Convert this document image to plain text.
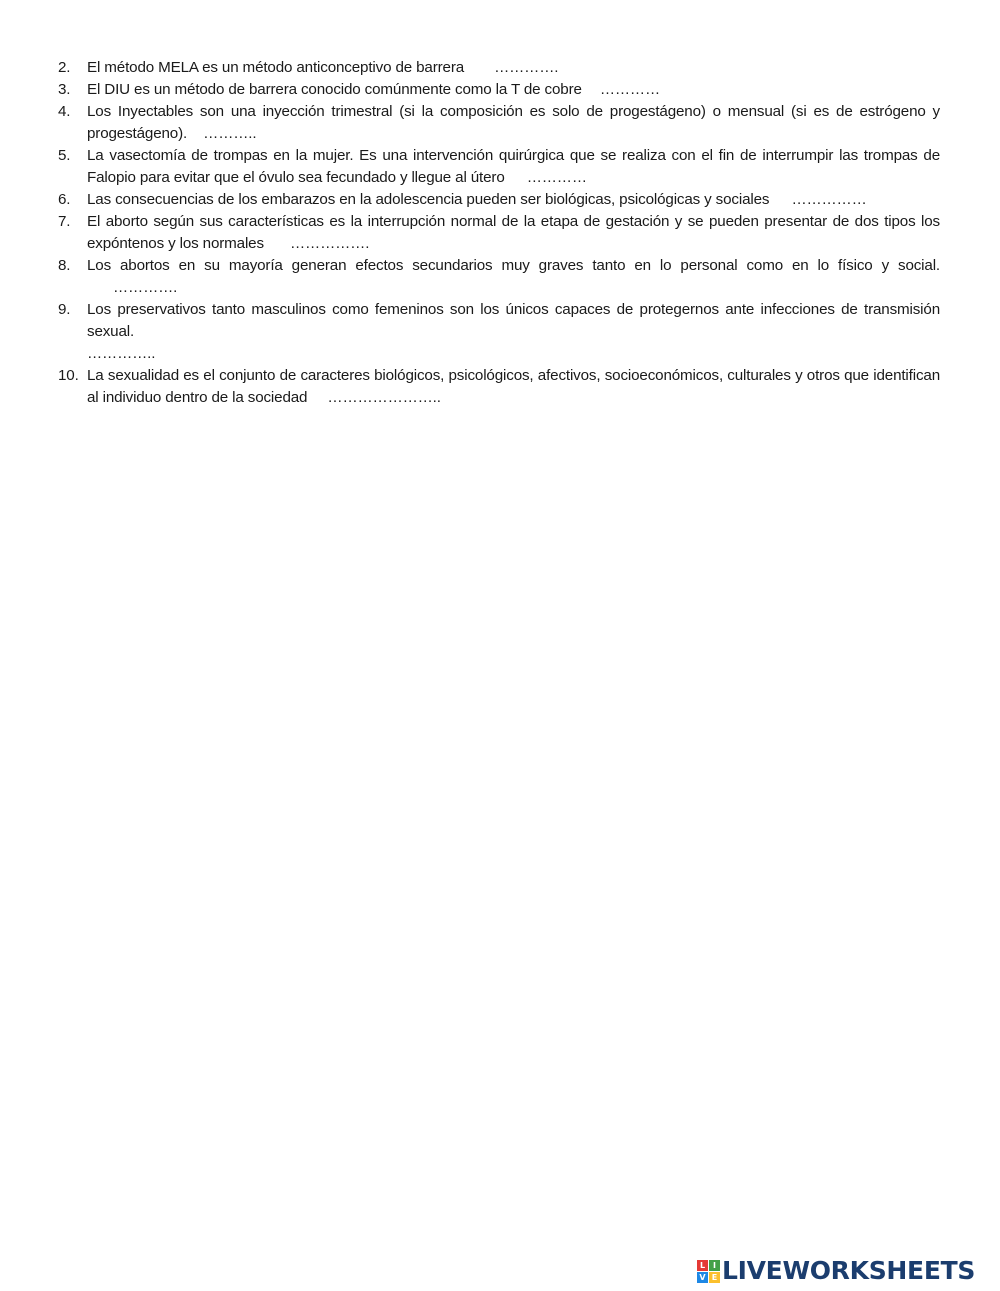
2.	El método MELA es un método anticonceptivo de barrera ………….
3.	El DIU es un método de barrera conocido comúnmente como la T de cobre …………
4.	Los Inyectables son una inyección trimestral (si la composición es solo de progestágeno) o mensual (si es de estrógeno y progestágeno). ………..
5.	La vasectomía de trompas en la mujer. Es una intervención quirúrgica que se realiza con el fin de interrumpir las trompas de Falopio para evitar que el óvulo sea fecundado y llegue al útero …………
6.	Las consecuencias de los embarazos en la adolescencia pueden ser biológicas, psicológicas y sociales ……………
7.	El aborto según sus características es la interrupción normal de la etapa de gestación y se pueden presentar de dos tipos los expóntenos y los normales …………….
8.	Los abortos en su mayoría generan efectos secundarios muy graves tanto en lo personal como en lo físico y social. ………….
9.	Los preservativos tanto masculinos como femeninos son los únicos capaces de protegernos ante infecciones de transmisión sexual.
…………..
10. La sexualidad es el conjunto de caracteres biológicos, psicológicos, afectivos, socioeconómicos, culturales y otros que identifican al individuo dentro de la sociedad …………………..
L I
V E LIVEWORKSHEETS
